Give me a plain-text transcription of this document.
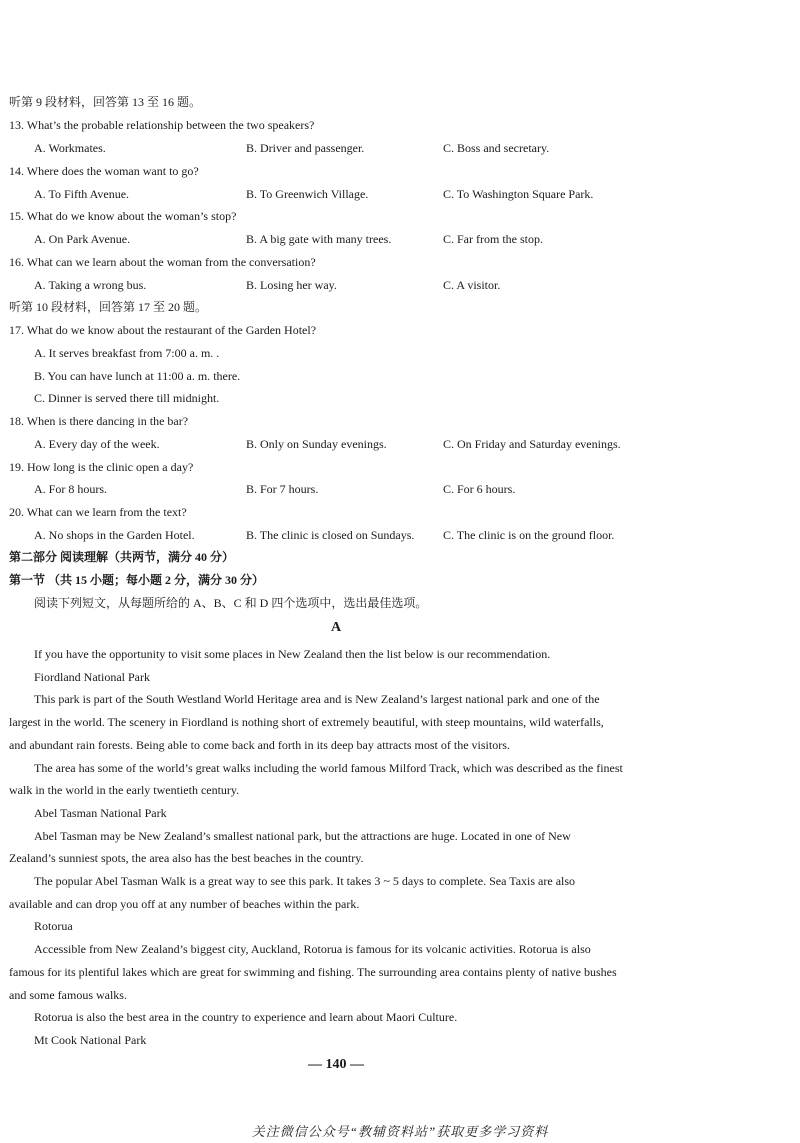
听第 9 段材料，回答第 13 至 16 题。
13. What’s the probable relationship between the two speakers?
A. Workmates.	B. Driver and passenger.	C. Boss and secretary.
14. Where does the woman want to go?
A. To Fifth Avenue.	B. To Greenwich Village.	C. To Washington Square Park.
15. What do we know about the woman’s stop?
A. On Park Avenue.	B. A big gate with many trees.	C. Far from the stop.
16. What can we learn about the woman from the conversation?
A. Taking a wrong bus.	B. Losing her way.	C. A visitor.
听第 10 段材料，回答第 17 至 20 题。
17. What do we know about the restaurant of the Garden Hotel?
A. It serves breakfast from 7:00 a. m. .
B. You can have lunch at 11:00 a. m. there.
C. Dinner is served there till midnight.
18. When is there dancing in the bar?
A. Every day of the week.	B. Only on Sunday evenings.	C. On Friday and Saturday evenings.
19. How long is the clinic open a day?
A. For 8 hours.	B. For 7 hours.	C. For 6 hours.
20. What can we learn from the text?
A. No shops in the Garden Hotel.	B. The clinic is closed on Sundays. C. The clinic is on the ground floor.
第二部分 阅读理解（共两节，满分 40 分）
第一节 （共 15 小题；每小题 2 分，满分 30 分）
阅读下列短文，从每题所给的 A、B、C 和 D 四个选项中，选出最佳选项。
A
If you have the opportunity to visit some places in New Zealand then the list below is our recommendation.
Fiordland National Park
This park is part of the South Westland World Heritage area and is New Zealand’s largest national park and one of the
largest in the world. The scenery in Fiordland is nothing short of extremely beautiful, with steep mountains, wild waterfalls,
and abundant rain forests. Being able to come back and forth in its deep bay attracts most of the visitors.
The area has some of the world’s great walks including the world famous Milford Track, which was described as the finest
walk in the world in the early twentieth century.
Abel Tasman National Park
Abel Tasman may be New Zealand’s smallest national park, but the attractions are huge. Located in one of New
Zealand’s sunniest spots, the area also has the best beaches in the country.
The popular Abel Tasman Walk is a great way to see this park. It takes 3 ~ 5 days to complete. Sea Taxis are also
available and can drop you off at any number of beaches within the park.
Rotorua
Accessible from New Zealand’s biggest city, Auckland, Rotorua is famous for its volcanic activities. Rotorua is also
famous for its plentiful lakes which are great for swimming and fishing. The surrounding area contains plenty of native bushes
and some famous walks.
Rotorua is also the best area in the country to experience and learn about Maori Culture.
Mt Cook National Park
— 140 —
关注微信公众号“教辅资料站”获取更多学习资料
